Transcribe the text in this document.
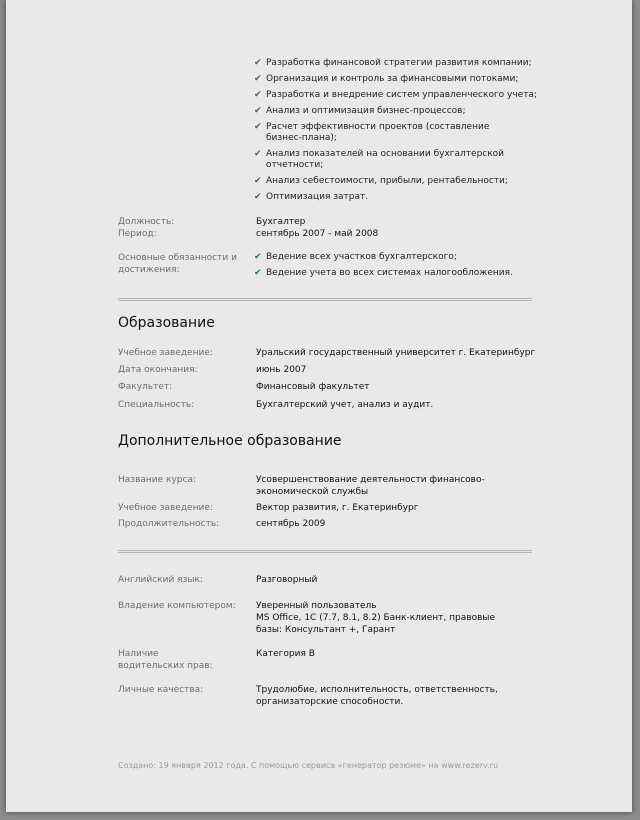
✔ Разработка финансовой стратегии развития компании;
✔ Организация и контроль за финансовыми потоками;
✔ Разработка и внедрение систем управленческого учета;
✔ Анализ и оптимизация бизнес-процессов;
✔ Расчет эффективности проектов (составление бизнес-плана);
✔ Анализ показателей на основании бухгалтерской отчетности;
✔ Анализ себестоимости, прибыли, рентабельности;
✔ Оптимизация затрат.
Должность:	Бухгалтер
Период:	сентябрь 2007 - май 2008
Основные обязанности и достижения:
✔ Ведение всех участков бухгалтерского;
✔ Ведение учета во всех системах налогообложения.
Образование
Учебное заведение:	Уральский государственный университет г. Екатеринбург
Дата окончания:	июнь 2007
Факультет:	Финансовый факультет
Специальность:	Бухгалтерский учет, анализ и аудит.
Дополнительное образование
Название курса:	Усовершенствование деятельности финансово-экономической службы
Учебное заведение:	Вектор развития, г. Екатеринбург
Продолжительность:	сентябрь 2009
Английский язык:	Разговорный
Владение компьютером:	Уверенный пользователь
MS Office, 1С (7.7, 8.1, 8.2) Банк-клиент, правовые базы: Консультант +, Гарант
Наличие водительских прав:
Категория B
Личные качества:	Трудолюбие, исполнительность, ответственность, организаторские способности.
Создано: 19 января 2012 года. С помощью сервиса «генератор резюме» на www.rezerv.ru
